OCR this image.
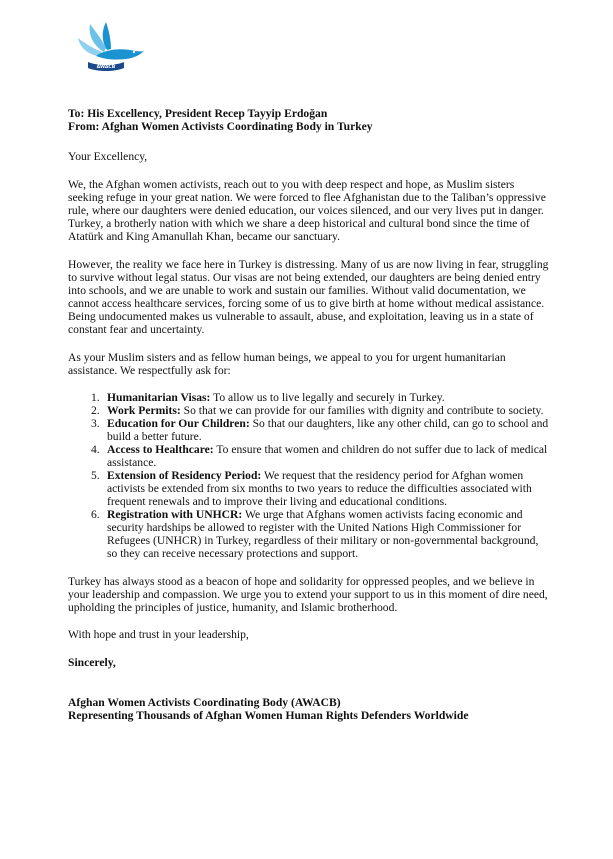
AWACB
To: His Excellency, President Recep Tayyip Erdoğan
From: Afghan Women Activists Coordinating Body in Turkey

Your Excellency,

We, the Afghan women activists, reach out to you with deep respect and hope, as Muslim sisters seeking refuge in your great nation. We were forced to flee Afghanistan due to the Taliban’s oppressive rule, where our daughters were denied education, our voices silenced, and our very lives put in danger. Turkey, a brotherly nation with which we share a deep historical and cultural bond since the time of Atatürk and King Amanullah Khan, became our sanctuary.

However, the reality we face here in Turkey is distressing. Many of us are now living in fear, struggling to survive without legal status. Our visas are not being extended, our daughters are being denied entry into schools, and we are unable to work and sustain our families. Without valid documentation, we cannot access healthcare services, forcing some of us to give birth at home without medical assistance. Being undocumented makes us vulnerable to assault, abuse, and exploitation, leaving us in a state of constant fear and uncertainty.

As your Muslim sisters and as fellow human beings, we appeal to you for urgent humanitarian assistance. We respectfully ask for:

1. Humanitarian Visas: To allow us to live legally and securely in Turkey.
2. Work Permits: So that we can provide for our families with dignity and contribute to society.
3. Education for Our Children: So that our daughters, like any other child, can go to school and build a better future.
4. Access to Healthcare: To ensure that women and children do not suffer due to lack of medical assistance.
5. Extension of Residency Period: We request that the residency period for Afghan women activists be extended from six months to two years to reduce the difficulties associated with frequent renewals and to improve their living and educational conditions.
6. Registration with UNHCR: We urge that Afghans women activists facing economic and security hardships be allowed to register with the United Nations High Commissioner for Refugees (UNHCR) in Turkey, regardless of their military or non-governmental background, so they can receive necessary protections and support.

Turkey has always stood as a beacon of hope and solidarity for oppressed peoples, and we believe in your leadership and compassion. We urge you to extend your support to us in this moment of dire need, upholding the principles of justice, humanity, and Islamic brotherhood.

With hope and trust in your leadership,

Sincerely,

Afghan Women Activists Coordinating Body (AWACB)
Representing Thousands of Afghan Women Human Rights Defenders Worldwide
